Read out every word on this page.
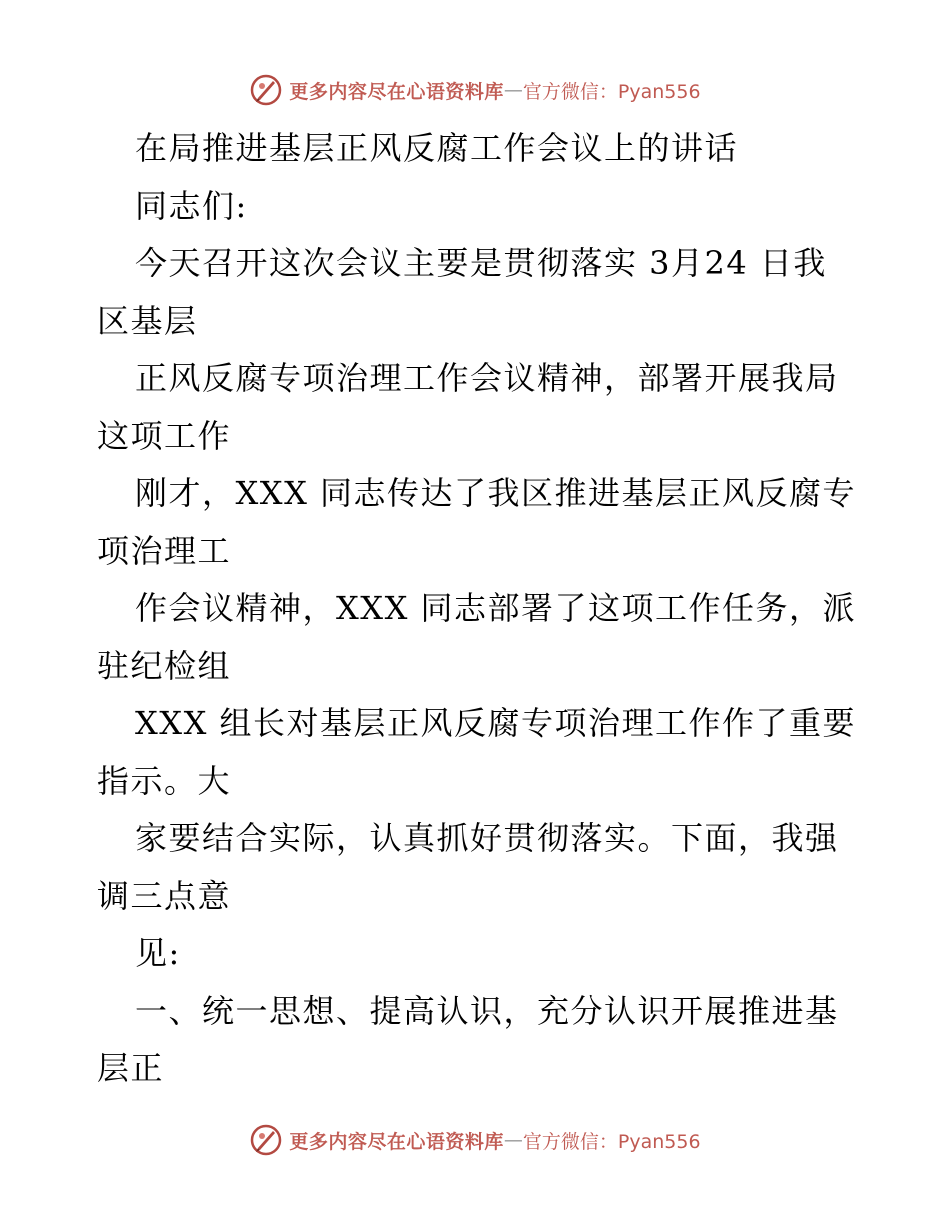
更多内容尽在心语资料库 — 官方微信：Pyan556
在局推进基层正风反腐工作会议上的讲话
同志们:
今天召开这次会议主要是贯彻落实 3月24 日我
区基层
正风反腐专项治理工作会议精神，部署开展我局
这项工作
刚才，XXX 同志传达了我区推进基层正风反腐专
项治理工
作会议精神，XXX 同志部署了这项工作任务，派
驻纪检组
XXX 组长对基层正风反腐专项治理工作作了重要
指示。大
家要结合实际，认真抓好贯彻落实。下面，我强
调三点意
见:
一、统一思想、提高认识，充分认识开展推进基
层正
更多内容尽在心语资料库 — 官方微信：Pyan556
